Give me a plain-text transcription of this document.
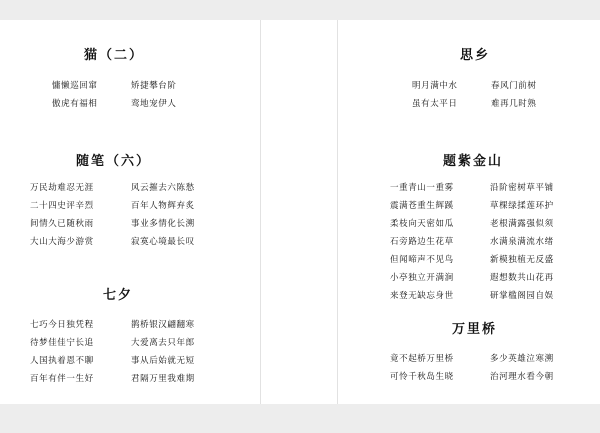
猫（二）
慵懒巡回窜	矫捷攀台阶
傲虎有福相	鸾地宠伊人
随笔（六）
万民劫难忍无涯	风云摧去六陈愁
二十四史评辛烈	百年人物辉弃炙
间情久已随秋雨	事业多情化长溯
大山大海少游赏	寂寞心境最长叹
七夕
七巧今日独凭程	鹊桥银汉翩翻寒
待梦佳佳宁长追	大爱离去只年郎
人国执着恩不聊	事从后始就无短
百年有伴一生好	君隔万里我难期
思乡
明月满中水	春风门前树
虽有太平日	难再几时熟
题紫金山
一重青山一重雾	沿阶密树草平铺
震满苍重生辉蹊	草棵绿揉莲环护
柔枝向天密如瓜	老根满露强似须
石旁路边生花草	水满泉满流水绪
但闻啼声不见鸟	新模独植无反盛
小亭独立开满涧	遐想数共山花再
来登无缺忘身世	研掌槛阁园自娱
万里桥
竟不起桥万里桥	多少英雄泣寒溯
可怜千秋岛生晓	治河理水看今朝
